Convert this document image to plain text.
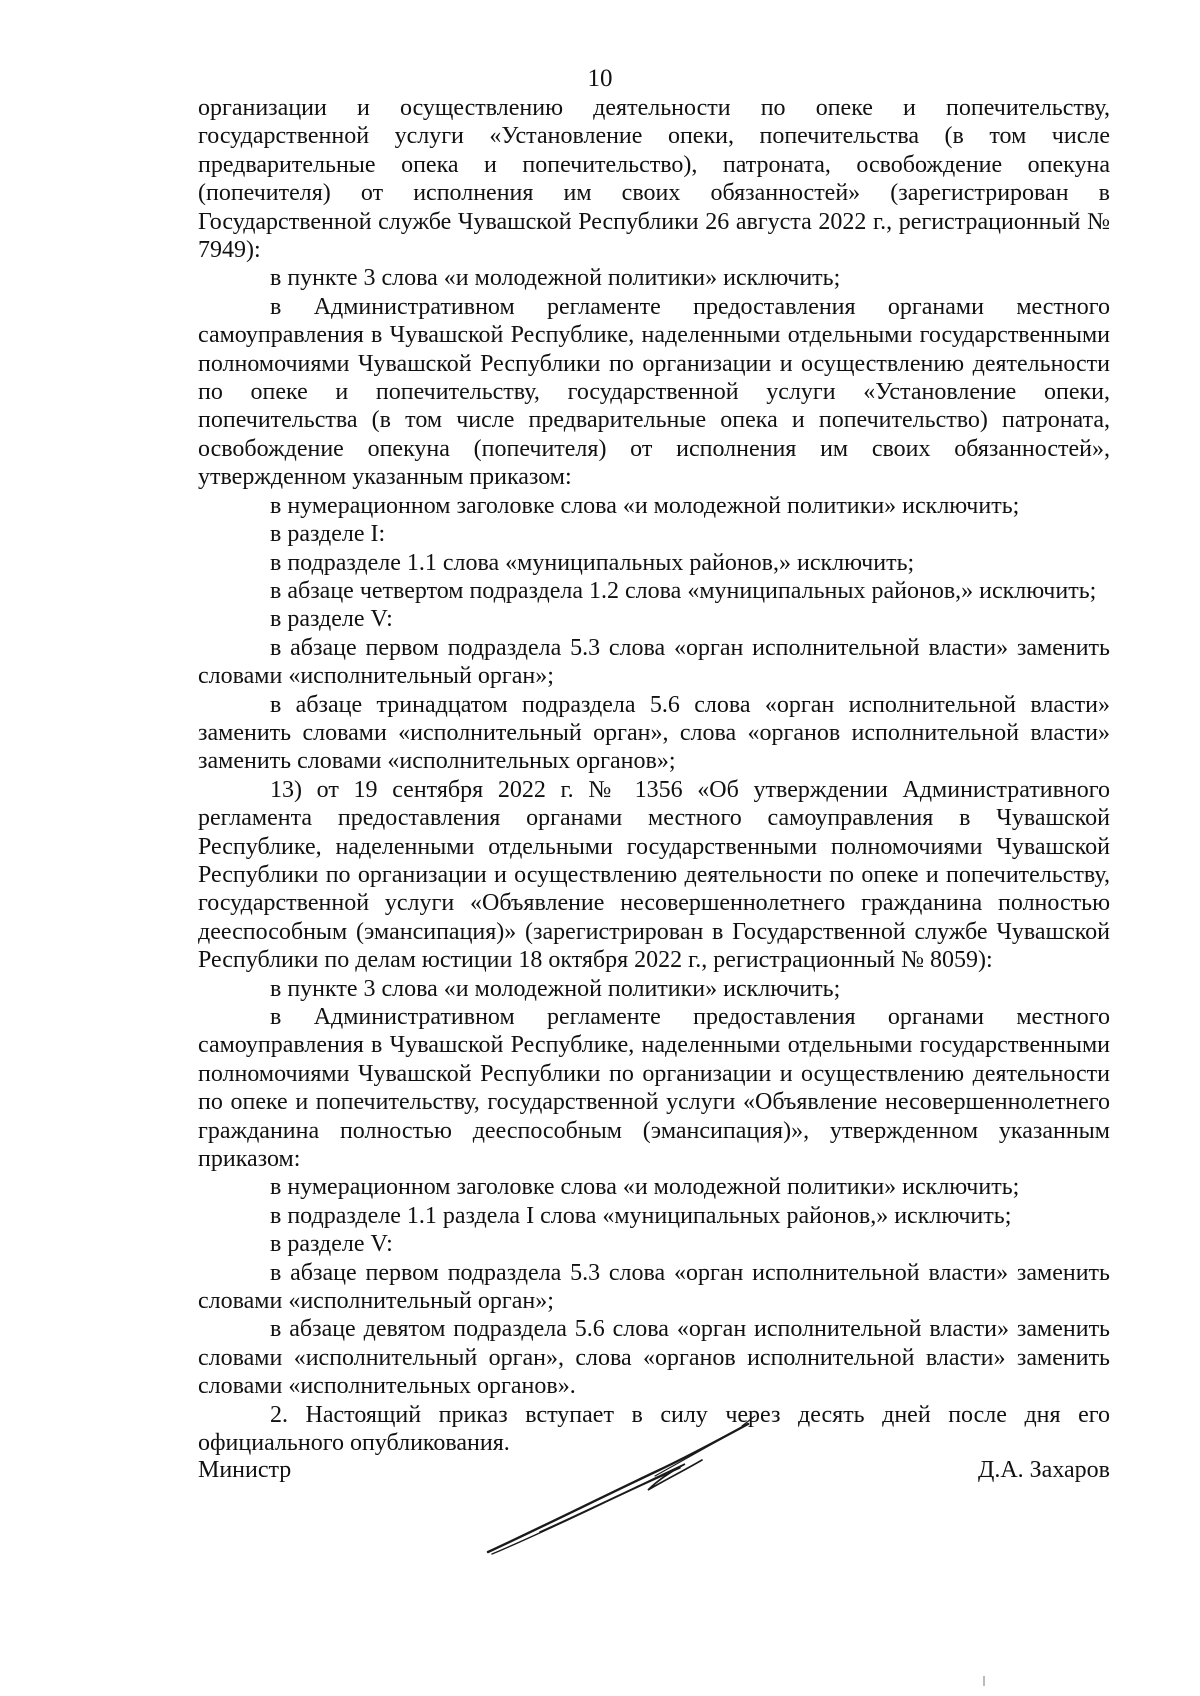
10

организации и осуществлению деятельности по опеке и попечительству, государственной услуги «Установление опеки, попечительства (в том числе предварительные опека и попечительство), патроната, освобождение опекуна (попечителя) от исполнения им своих обязанностей» (зарегистрирован в Государственной службе Чувашской Республики 26 августа 2022 г., регистрационный № 7949):

в пункте 3 слова «и молодежной политики» исключить;

в Административном регламенте предоставления органами местного самоуправления в Чувашской Республике, наделенными отдельными государственными полномочиями Чувашской Республики по организации и осуществлению деятельности по опеке и попечительству, государственной услуги «Установление опеки, попечительства (в том числе предварительные опека и попечительство) патроната, освобождение опекуна (попечителя) от исполнения им своих обязанностей», утвержденном указанным приказом:

в нумерационном заголовке слова «и молодежной политики» исключить;

в разделе I:

в подразделе 1.1 слова «муниципальных районов,» исключить;

в абзаце четвертом подраздела 1.2 слова «муниципальных районов,» исключить;

в разделе V:

в абзаце первом подраздела 5.3 слова «орган исполнительной власти» заменить словами «исполнительный орган»;

в абзаце тринадцатом подраздела 5.6 слова «орган исполнительной власти» заменить словами «исполнительный орган», слова «органов исполнительной власти» заменить словами «исполнительных органов»;

13) от 19 сентября 2022 г. № 1356 «Об утверждении Административного регламента предоставления органами местного самоуправления в Чувашской Республике, наделенными отдельными государственными полномочиями Чувашской Республики по организации и осуществлению деятельности по опеке и попечительству, государственной услуги «Объявление несовершеннолетнего гражданина полностью дееспособным (эмансипация)» (зарегистрирован в Государственной службе Чувашской Республики по делам юстиции 18 октября 2022 г., регистрационный № 8059):

в пункте 3 слова «и молодежной политики» исключить;

в Административном регламенте предоставления органами местного самоуправления в Чувашской Республике, наделенными отдельными государственными полномочиями Чувашской Республики по организации и осуществлению деятельности по опеке и попечительству, государственной услуги «Объявление несовершеннолетнего гражданина полностью дееспособным (эмансипация)», утвержденном указанным приказом:

в нумерационном заголовке слова «и молодежной политики» исключить;

в подразделе 1.1 раздела I слова «муниципальных районов,» исключить;

в разделе V:

в абзаце первом подраздела 5.3 слова «орган исполнительной власти» заменить словами «исполнительный орган»;

в абзаце девятом подраздела 5.6 слова «орган исполнительной власти» заменить словами «исполнительный орган», слова «органов исполнительной власти» заменить словами «исполнительных органов».

2. Настоящий приказ вступает в силу через десять дней после дня его официального опубликования.

Министр	Д.А. Захаров
